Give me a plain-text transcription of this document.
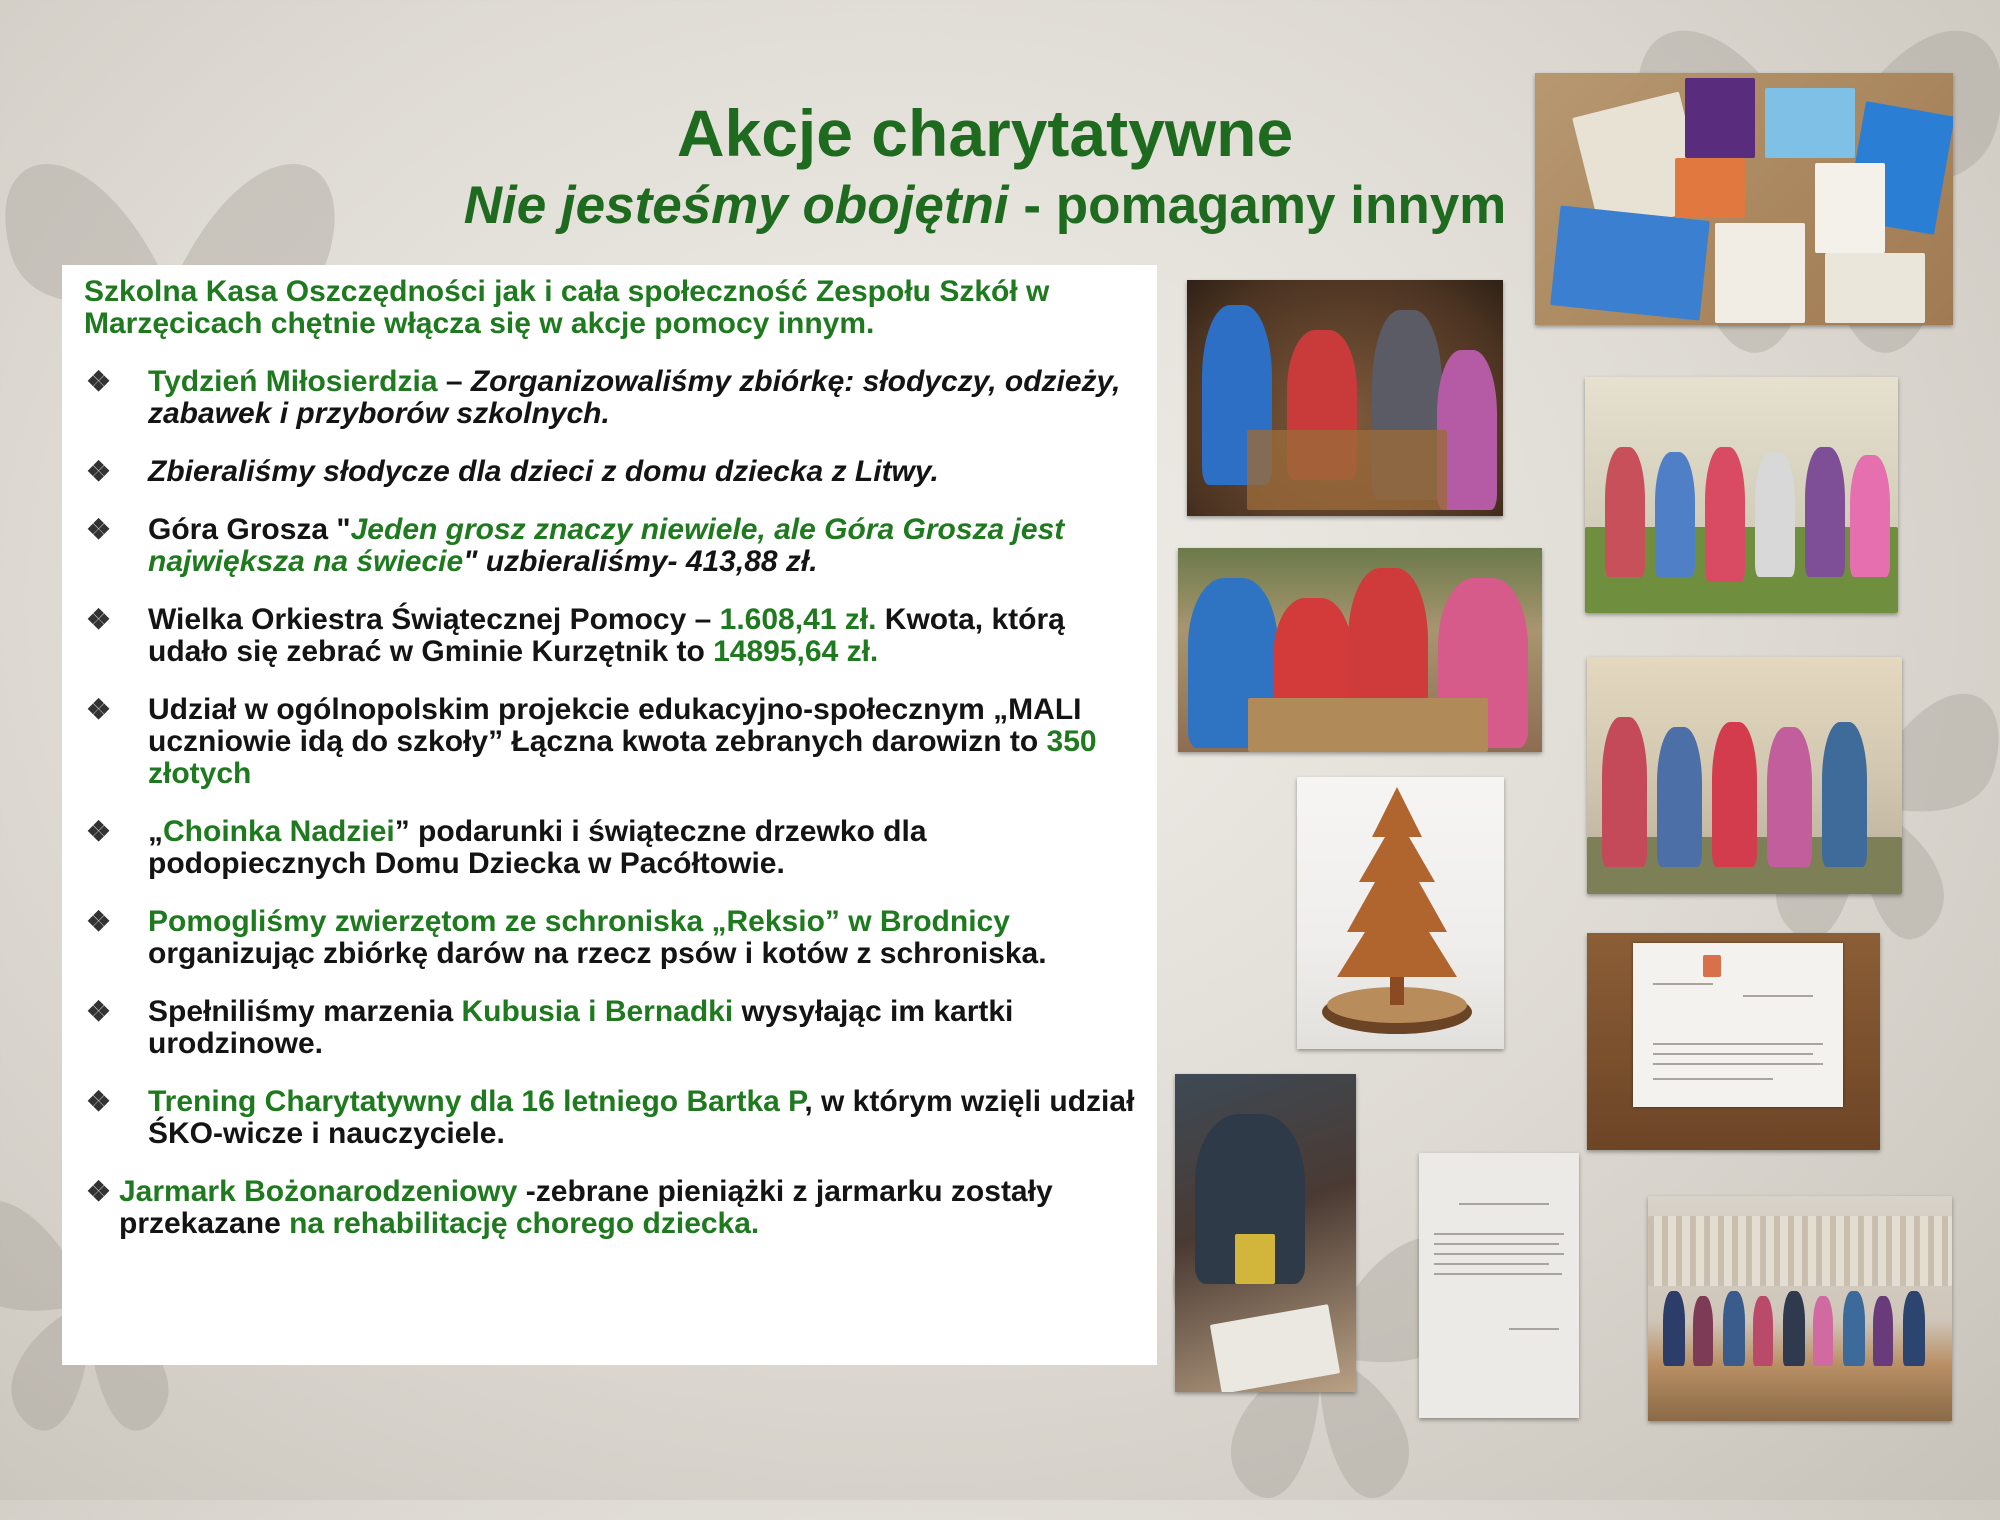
Akcje charytatywne
Nie jesteśmy obojętni - pomagamy innym
Szkolna Kasa Oszczędności jak i cała społeczność Zespołu Szkół w Marzęcicach chętnie włącza się w akcje pomocy innym.
❖	Tydzień Miłosierdzia – Zorganizowaliśmy zbiórkę: słodyczy, odzieży, zabawek i przyborów szkolnych.
❖	Zbieraliśmy słodycze dla dzieci z domu dziecka z Litwy.
❖	Góra Grosza "Jeden grosz znaczy niewiele, ale Góra Grosza jest największa na świecie" uzbieraliśmy- 413,88 zł.
❖	Wielka Orkiestra Świątecznej Pomocy – 1.608,41 zł. Kwota, którą udało się zebrać w Gminie Kurzętnik to 14895,64 zł.
❖	Udział w ogólnopolskim projekcie edukacyjno-społecznym „MALI uczniowie idą do szkoły” Łączna kwota zebranych darowizn to 350 złotych
❖	„Choinka Nadziei” podarunki i świąteczne drzewko dla podopiecznych Domu Dziecka w Pacółtowie.
❖	Pomogliśmy zwierzętom ze schroniska „Reksio” w Brodnicy organizując zbiórkę darów na rzecz psów i kotów z schroniska.
❖	Spełniliśmy marzenia Kubusia i Bernadki wysyłając im kartki urodzinowe.
❖	Trening Charytatywny dla 16 letniego Bartka P, w którym wzięli udział ŚKO-wicze i nauczyciele.
❖ Jarmark Bożonarodzeniowy -zebrane pieniążki z jarmarku zostały przekazane na rehabilitację chorego dziecka.
